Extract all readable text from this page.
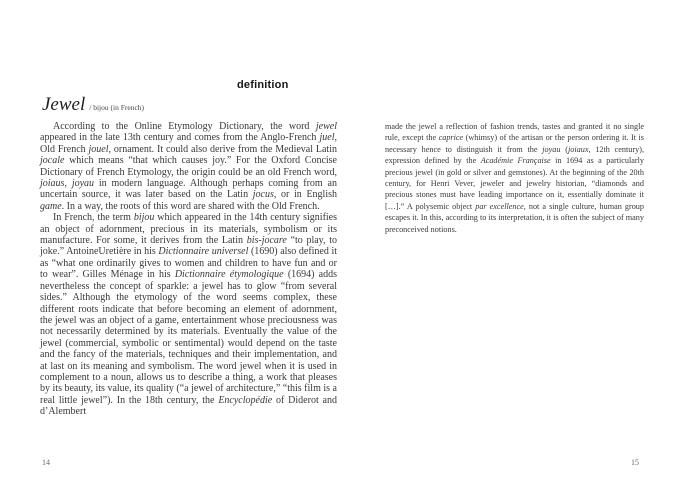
definition
Jewel / bijou (in French)

According to the Online Etymology Dictionary, the word jewel appeared in the late 13th century and comes from the Anglo-French juel, Old French jouel, ornament. It could also derive from the Medieval Latin jocale which means “that which causes joy.” For the Oxford Concise Dictionary of French Etymology, the origin could be an old French word, joiaus, joyau in modern language. Although perhaps coming from an uncertain source, it was later based on the Latin jocus, or in English game. In a way, the roots of this word are shared with the Old French.

In French, the term bijou which appeared in the 14th century signifies an object of adornment, precious in its materials, symbolism or its manufacture. For some, it derives from the Latin bis-jocare “to play, to joke.” AntoineUretière in his Dictionnaire universel (1690) also defined it as “what one ordinarily gives to women and children to have fun and or to wear”. Gilles Ménage in his Dictionnaire étymologique (1694) adds nevertheless the concept of sparkle: a jewel has to glow “from several sides.” Although the etymology of the word seems complex, these different roots indicate that before becoming an element of adornment, the jewel was an object of a game, entertainment whose preciousness was not necessarily determined by its materials. Eventually the value of the jewel (commercial, symbolic or sentimental) would depend on the taste and the fancy of the materials, techniques and their implementation, and at last on its meaning and symbolism. The word jewel when it is used in complement to a noun, allows us to describe a thing, a work that pleases by its beauty, its value, its quality (“a jewel of architecture,” “this film is a real little jewel”). In the 18th century, the Encyclopédie of Diderot and d’Alembert

made the jewel a reflection of fashion trends, tastes and granted it no single rule, except the caprice (whimsy) of the artisan or the person ordering it. It is necessary hence to distinguish it from the joyau (joiaux, 12th century), expression defined by the Académie Française in 1694 as a particularly precious jewel (in gold or silver and gemstones). At the beginning of the 20th century, for Henri Vever, jeweler and jewelry historian, “diamonds and precious stones must have leading importance on it, essentially dominate it […].” A polysemic object par excellence, not a single culture, human group escapes it. In this, according to its interpretation, it is often the subject of many preconceived notions.

14	15
